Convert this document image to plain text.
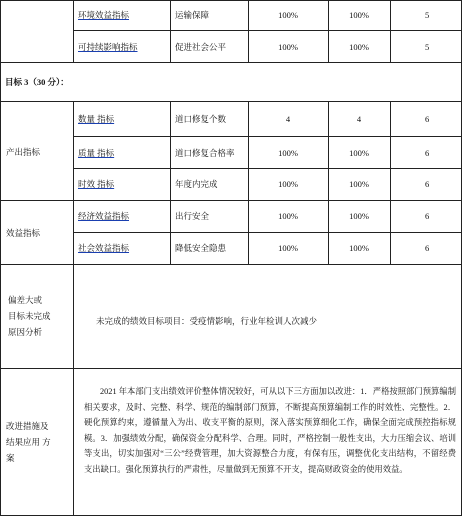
环境效益指标	运输保障	100%	100%	5
可持续影响指标	促进社会公平	100%	100%	5
目标 3（30 分）：
产出指标
数量 指标	道口修复个数	4	4	6
质量 指标	道口修复合格率	100%	100%	6
时效 指标	年度内完成	100%	100%	6
效益指标
经济效益指标	出行安全	100%	100%	6
社会效益指标	降低安全隐患	100%	100%	6
偏差大或
目标未完成
原因分析
未完成的绩效目标项目：受疫情影响，行业年检训人次减少
改进措施及
结果应用 方
案
2021 年本部门支出绩效评价整体情况较好，可从以下三方面加以改进：1．严格按照部门预算编制相关要求，及时、完整、科学、规范的编制部门预算，不断提高预算编制工作的时效性、完整性。2．硬化预算约束，遵循量入为出、收支平衡的原则，深入落实预算细化工作，确保全面完成预控指标规模。3．加强绩效分配，确保资金分配科学、合理。同时，严格控制一般性支出，大力压缩会议、培训等支出，切实加强对“三公”经费管理，加大资源整合力度，有保有压，调整优化支出结构，不留经费支出缺口。强化预算执行的严肃性，尽量做到无预算不开支，提高财政资金的使用效益。
